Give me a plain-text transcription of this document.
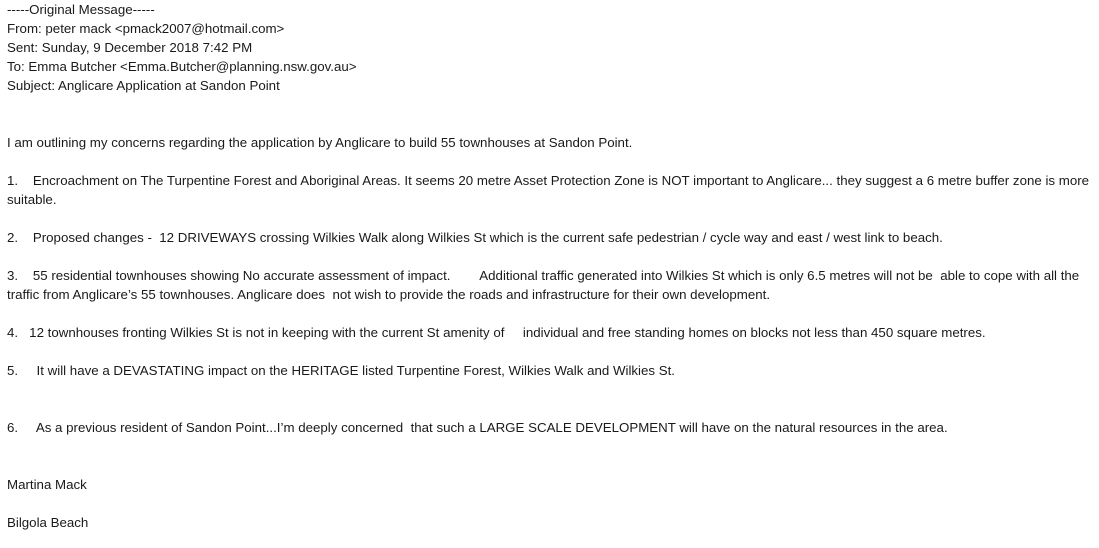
-----Original Message-----
From: peter mack <pmack2007@hotmail.com>
Sent: Sunday, 9 December 2018 7:42 PM
To: Emma Butcher <Emma.Butcher@planning.nsw.gov.au>
Subject: Anglicare Application at Sandon Point
I am outlining my concerns regarding the application by Anglicare to build 55 townhouses at Sandon Point.
1.    Encroachment on The Turpentine Forest and Aboriginal Areas. It seems 20 metre Asset Protection Zone is NOT important to Anglicare... they suggest a 6 metre buffer zone is more suitable.
2.    Proposed changes -  12 DRIVEWAYS crossing Wilkies Walk along Wilkies St which is the current safe pedestrian / cycle way and east / west link to beach.
3.    55 residential townhouses showing No accurate assessment of impact.        Additional traffic generated into Wilkies St which is only 6.5 metres will not be  able to cope with all the traffic from Anglicare’s 55 townhouses. Anglicare does  not wish to provide the roads and infrastructure for their own development.
4.   12 townhouses fronting Wilkies St is not in keeping with the current St amenity of     individual and free standing homes on blocks not less than 450 square metres.
5.     It will have a DEVASTATING impact on the HERITAGE listed Turpentine Forest, Wilkies Walk and Wilkies St.
6.     As a previous resident of Sandon Point...I’m deeply concerned  that such a LARGE SCALE DEVELOPMENT will have on the natural resources in the area.
Martina Mack
Bilgola Beach
